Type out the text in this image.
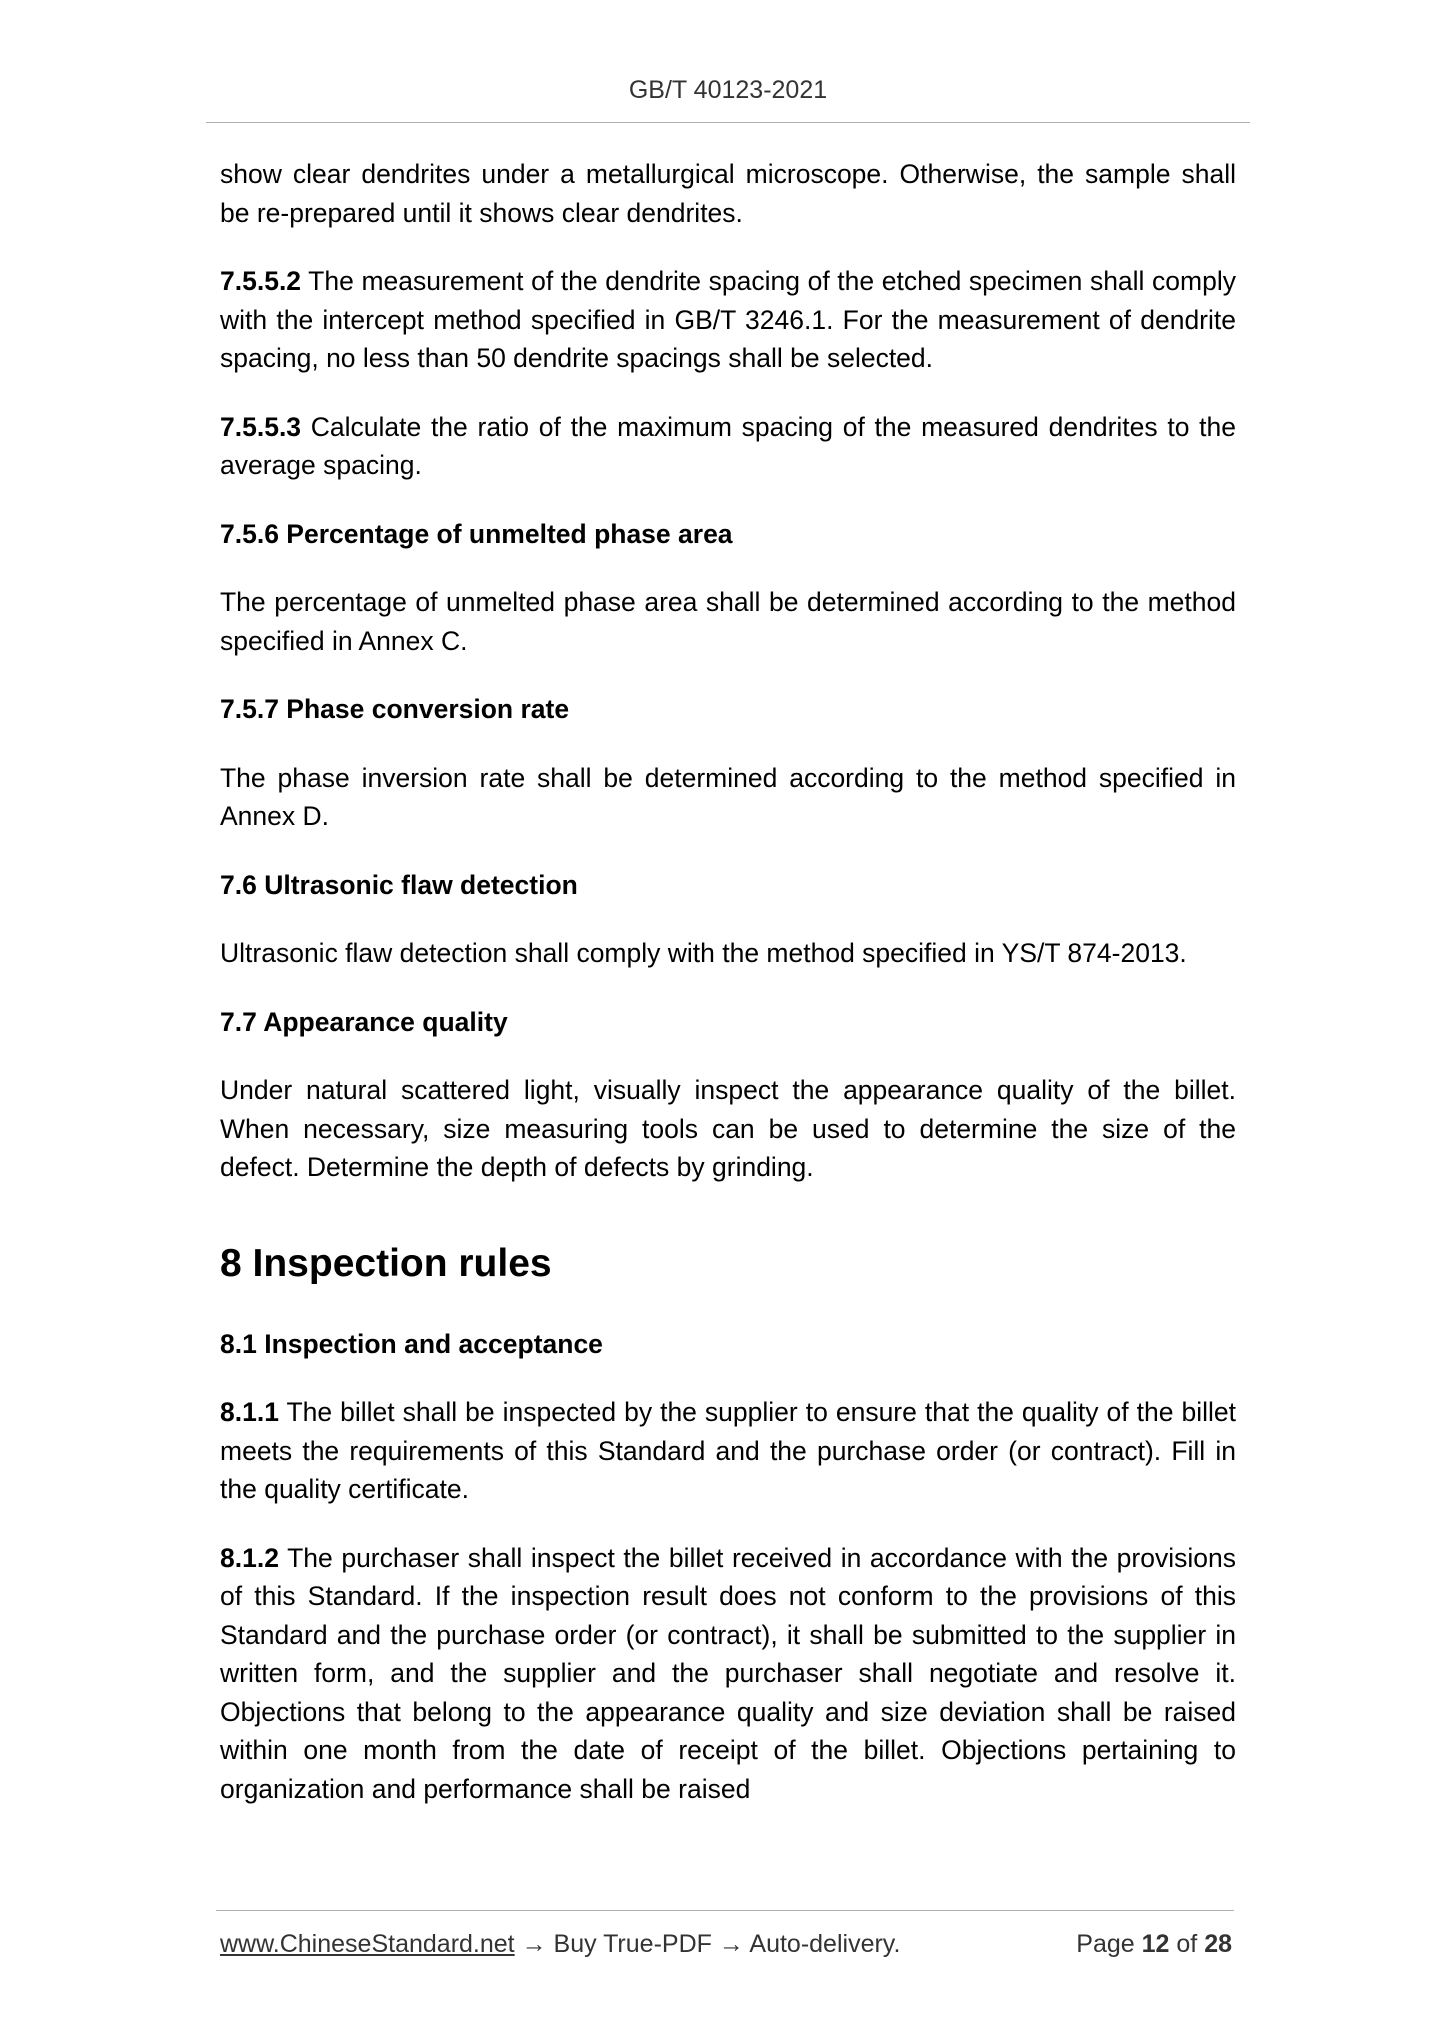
GB/T 40123-2021

show clear dendrites under a metallurgical microscope. Otherwise, the sample shall be re-prepared until it shows clear dendrites.

7.5.5.2 The measurement of the dendrite spacing of the etched specimen shall comply with the intercept method specified in GB/T 3246.1. For the measurement of dendrite spacing, no less than 50 dendrite spacings shall be selected.

7.5.5.3 Calculate the ratio of the maximum spacing of the measured dendrites to the average spacing.

7.5.6 Percentage of unmelted phase area

The percentage of unmelted phase area shall be determined according to the method specified in Annex C.

7.5.7 Phase conversion rate

The phase inversion rate shall be determined according to the method specified in Annex D.

7.6 Ultrasonic flaw detection

Ultrasonic flaw detection shall comply with the method specified in YS/T 874-2013.

7.7 Appearance quality

Under natural scattered light, visually inspect the appearance quality of the billet. When necessary, size measuring tools can be used to determine the size of the defect. Determine the depth of defects by grinding.

8 Inspection rules
8.1 Inspection and acceptance

8.1.1 The billet shall be inspected by the supplier to ensure that the quality of the billet meets the requirements of this Standard and the purchase order (or contract). Fill in the quality certificate.

8.1.2 The purchaser shall inspect the billet received in accordance with the provisions of this Standard. If the inspection result does not conform to the provisions of this Standard and the purchase order (or contract), it shall be submitted to the supplier in written form, and the supplier and the purchaser shall negotiate and resolve it. Objections that belong to the appearance quality and size deviation shall be raised within one month from the date of receipt of the billet. Objections pertaining to organization and performance shall be raised

www.ChineseStandard.net → Buy True-PDF → Auto-delivery.	Page 12 of 28
